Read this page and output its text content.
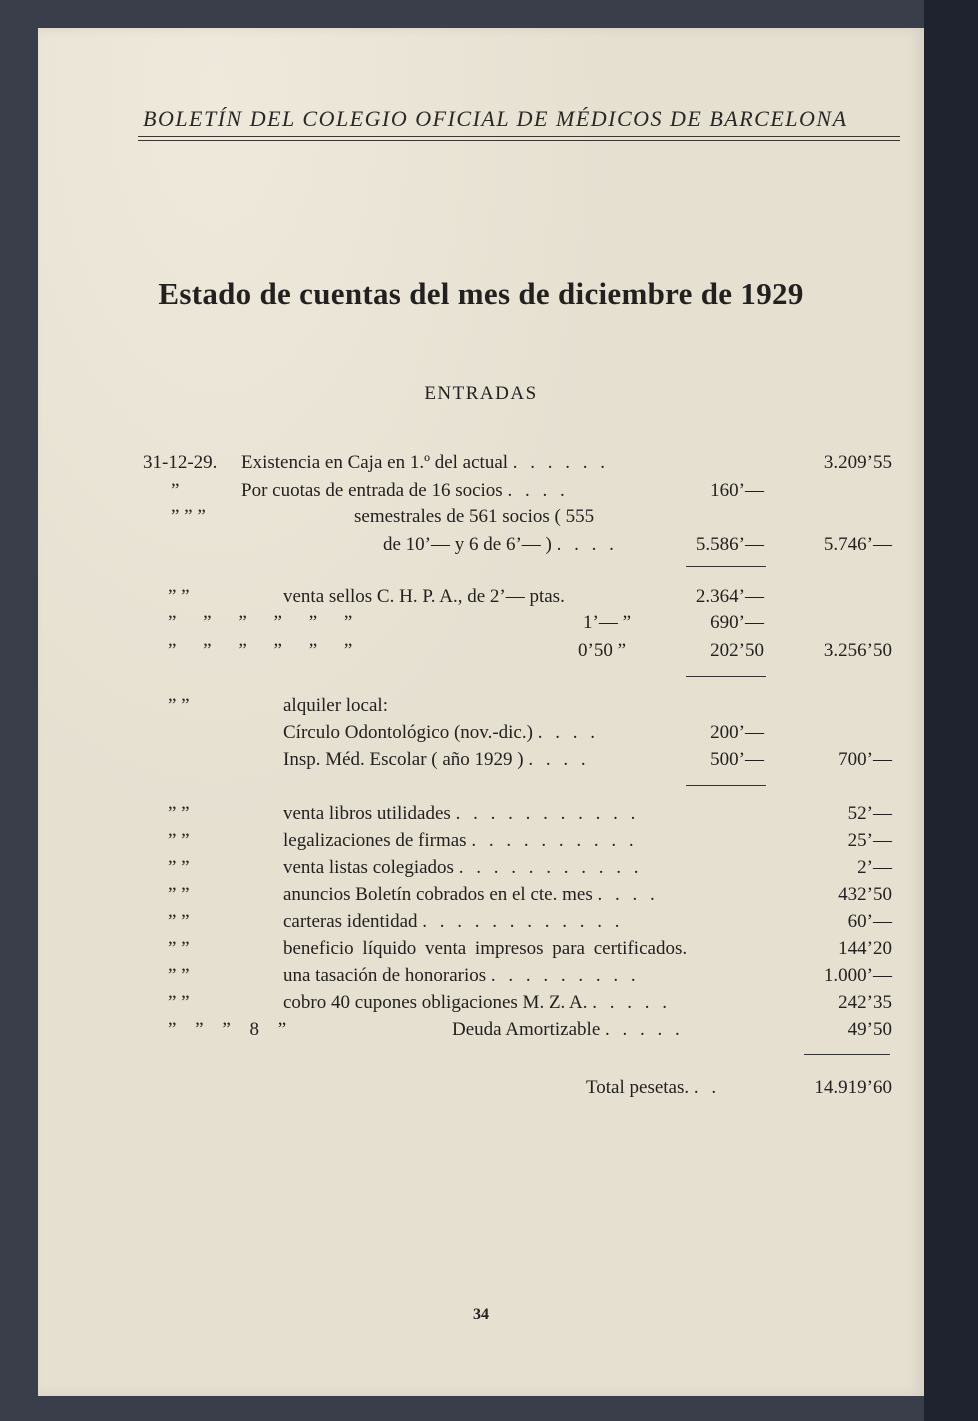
BOLETÍN DEL COLEGIO OFICIAL DE MÉDICOS DE BARCELONA
Estado de cuentas del mes de diciembre de 1929
ENTRADAS
31-12-29. Existencia en Caja en 1.º del actual . . . . . .	3.209’55
”	Por cuotas de entrada de 16 socios . . . .	160’—
” ” ”	semestrales de 561 socios ( 555
de 10’— y 6 de 6’— ) . . . .	5.586’—	5.746’—
” ”	venta sellos C. H. P. A., de 2’— ptas.	2.364’—
” ” ” ” ” ”	1’— ”	690’—
” ” ” ” ” ”	0’50 ”	202’50	3.256’50
” ”	alquiler local:
Círculo Odontológico (nov.-dic.) . . . .	200’—
Insp. Méd. Escolar ( año 1929 ) . . . .	500’—	700’—
” ”	venta libros utilidades . . . . . . . . . . .	52’—
” ”	legalizaciones de firmas . . . . . . . . . .	25’—
” ”	venta listas colegiados . . . . . . . . . . .	2’—
” ”	anuncios Boletín cobrados en el cte. mes . . . .	432’50
” ”	carteras identidad . . . . . . . . . . . .	60’—
” ”	beneficio líquido venta impresos para certificados.	144’20
” ”	una tasación de honorarios . . . . . . . . .	1.000’—
” ”	cobro 40 cupones obligaciones M. Z. A. . . . . .	242’35
” ” ” 8 ”	Deuda Amortizable . . . . .	49’50
Total pesetas. . .	14.919’60
34
